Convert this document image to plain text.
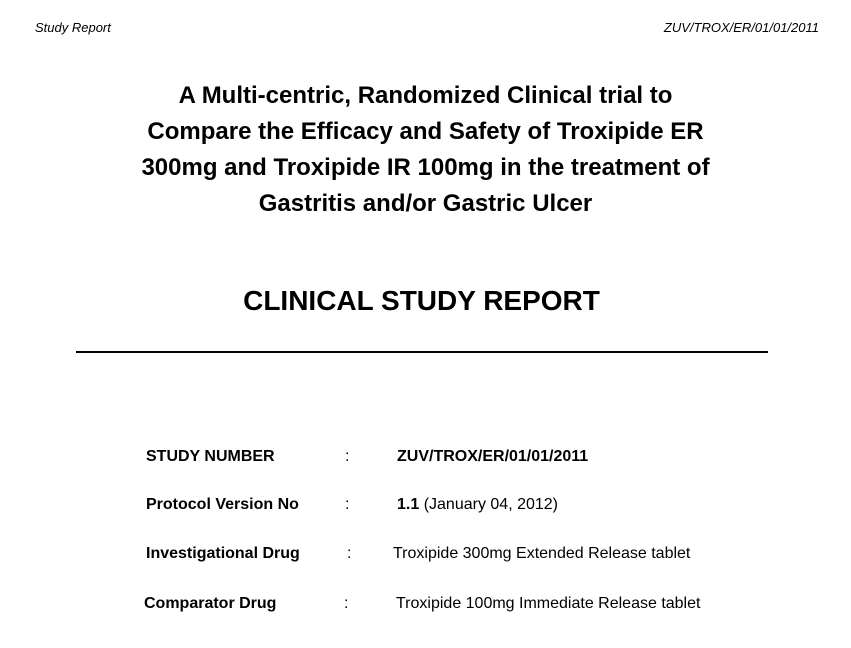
Study Report	ZUV/TROX/ER/01/01/2011
A Multi-centric, Randomized Clinical trial to
Compare the Efficacy and Safety of Troxipide ER
300mg and Troxipide IR 100mg in the treatment of
Gastritis and/or Gastric Ulcer
CLINICAL STUDY REPORT
STUDY NUMBER	:	ZUV/TROX/ER/01/01/2011
Protocol Version No	:	1.1 (January 04, 2012)
Investigational Drug	:	Troxipide 300mg Extended Release tablet
Comparator Drug	:	Troxipide 100mg Immediate Release tablet
